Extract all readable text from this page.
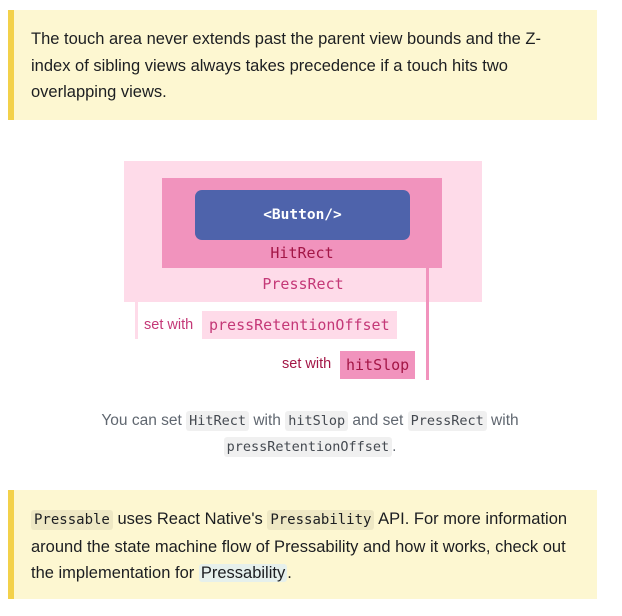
The touch area never extends past the parent view bounds and the Z-index of sibling views always takes precedence if a touch hits two overlapping views.
<Button/>
HitRect
PressRect
set with	pressRetentionOffset
set with hitSlop
You can set HitRect with hitSlop and set PressRect with
pressRetentionOffset .
Pressable uses React Native's Pressability API. For more information around the state machine flow of Pressability and how it works, check out the implementation for Pressability .
